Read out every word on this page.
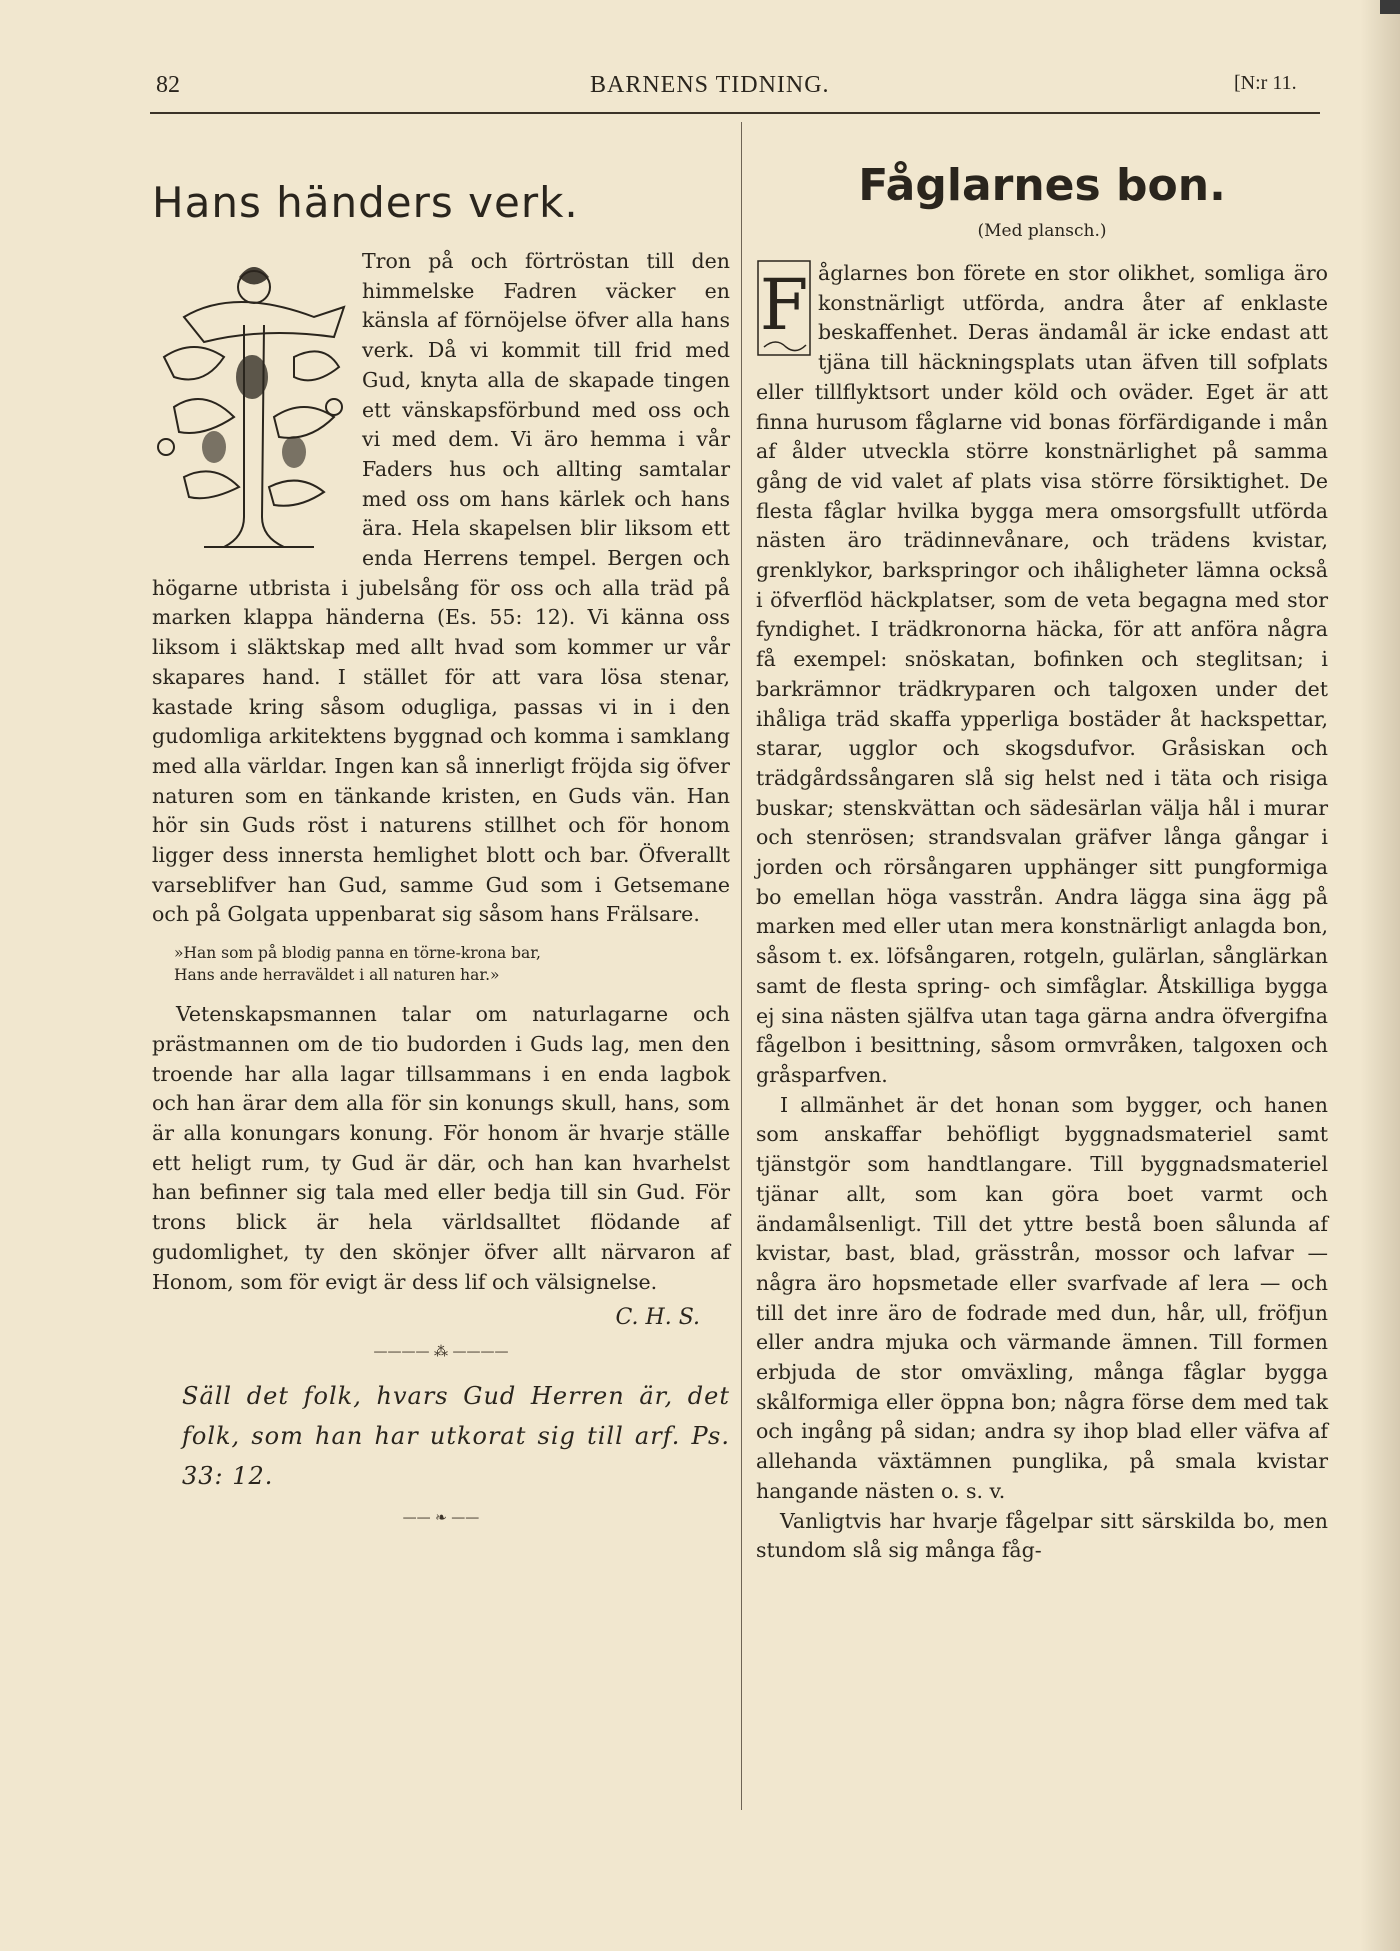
82	BARNENS TIDNING.	[N:r 11.
Hans händers verk.

Tron på och förtröstan till den himmelske Fadren väcker en känsla af förnöjelse öfver alla hans verk. Då vi kommit till frid med Gud, knyta alla de skapade tingen ett vänskapsförbund med oss och vi med dem. Vi äro hemma i vår Faders hus och allting samtalar med oss om hans kärlek och hans ära. Hela skapelsen blir liksom ett enda Herrens tempel. Bergen och högarne utbrista i jubelsång för oss och alla träd på marken klappa händerna (Es. 55: 12). Vi känna oss liksom i släktskap med allt hvad som kommer ur vår skapares hand. I stället för att vara lösa stenar, kastade kring såsom odugliga, passas vi in i den gudomliga arkitektens byggnad och komma i samklang med alla världar. Ingen kan så innerligt fröjda sig öfver naturen som en tänkande kristen, en Guds vän. Han hör sin Guds röst i naturens stillhet och för honom ligger dess innersta hemlighet blott och bar. Öfverallt varseblifver han Gud, samme Gud som i Getsemane och på Golgata uppenbarat sig såsom hans Frälsare.

»Han som på blodig panna en törne-krona bar,
Hans ande herraväldet i all naturen har.»

Vetenskapsmannen talar om naturlagarne och prästmannen om de tio budorden i Guds lag, men den troende har alla lagar tillsammans i en enda lagbok och han ärar dem alla för sin konungs skull, hans, som är alla konungars konung. För honom är hvarje ställe ett heligt rum, ty Gud är där, och han kan hvarhelst han befinner sig tala med eller bedja till sin Gud. För trons blick är hela världsalltet flödande af gudomlighet, ty den skönjer öfver allt närvaron af Honom, som för evigt är dess lif och välsignelse.

C. H. S.
———— ⁂ ————
Säll det folk, hvars Gud Herren är, det folk, som han har utkorat sig till arf. Ps. 33: 12.
—— ❧ ——
Fåglarnes bon.
(Med plansch.)
F åglarnes bon förete en stor olikhet, somliga äro konstnärligt utförda, andra åter af enklaste beskaffenhet. Deras ändamål är icke endast att tjäna till häckningsplats utan äfven till sofplats eller tillflyktsort under köld och oväder. Eget är att finna hurusom fåglarne vid bonas förfärdigande i mån af ålder utveckla större konstnärlighet på samma gång de vid valet af plats visa större försiktighet. De flesta fåglar hvilka bygga mera omsorgsfullt utförda nästen äro trädinnevånare, och trädens kvistar, grenklykor, barkspringor och ihåligheter lämna också i öfverflöd häckplatser, som de veta begagna med stor fyndighet. I trädkronorna häcka, för att anföra några få exempel: snöskatan, bofinken och steglitsan; i barkrämnor trädkryparen och talgoxen under det ihåliga träd skaffa ypperliga bostäder åt hackspettar, starar, ugglor och skogsdufvor. Gråsiskan och trädgårdssångaren slå sig helst ned i täta och risiga buskar; stenskvättan och sädesärlan välja hål i murar och stenrösen; strandsvalan gräfver långa gångar i jorden och rörsångaren upphänger sitt pungformiga bo emellan höga vasstrån. Andra lägga sina ägg på marken med eller utan mera konstnärligt anlagda bon, såsom t. ex. löfsångaren, rotgeln, gulärlan, sånglärkan samt de flesta spring- och simfåglar. Åtskilliga bygga ej sina nästen själfva utan taga gärna andra öfvergifna fågelbon i besittning, såsom ormvråken, talgoxen och gråsparfven.

I allmänhet är det honan som bygger, och hanen som anskaffar behöfligt byggnadsmateriel samt tjänstgör som handtlangare. Till byggnadsmateriel tjänar allt, som kan göra boet varmt och ändamålsenligt. Till det yttre bestå boen sålunda af kvistar, bast, blad, grässtrån, mossor och lafvar — några äro hopsmetade eller svarfvade af lera — och till det inre äro de fodrade med dun, hår, ull, fröfjun eller andra mjuka och värmande ämnen. Till formen erbjuda de stor omväxling, många fåglar bygga skålformiga eller öppna bon; några förse dem med tak och ingång på sidan; andra sy ihop blad eller väfva af allehanda växtämnen punglika, på smala kvistar hangande nästen o. s. v.

Vanligtvis har hvarje fågelpar sitt särskilda bo, men stundom slå sig många fåg-
